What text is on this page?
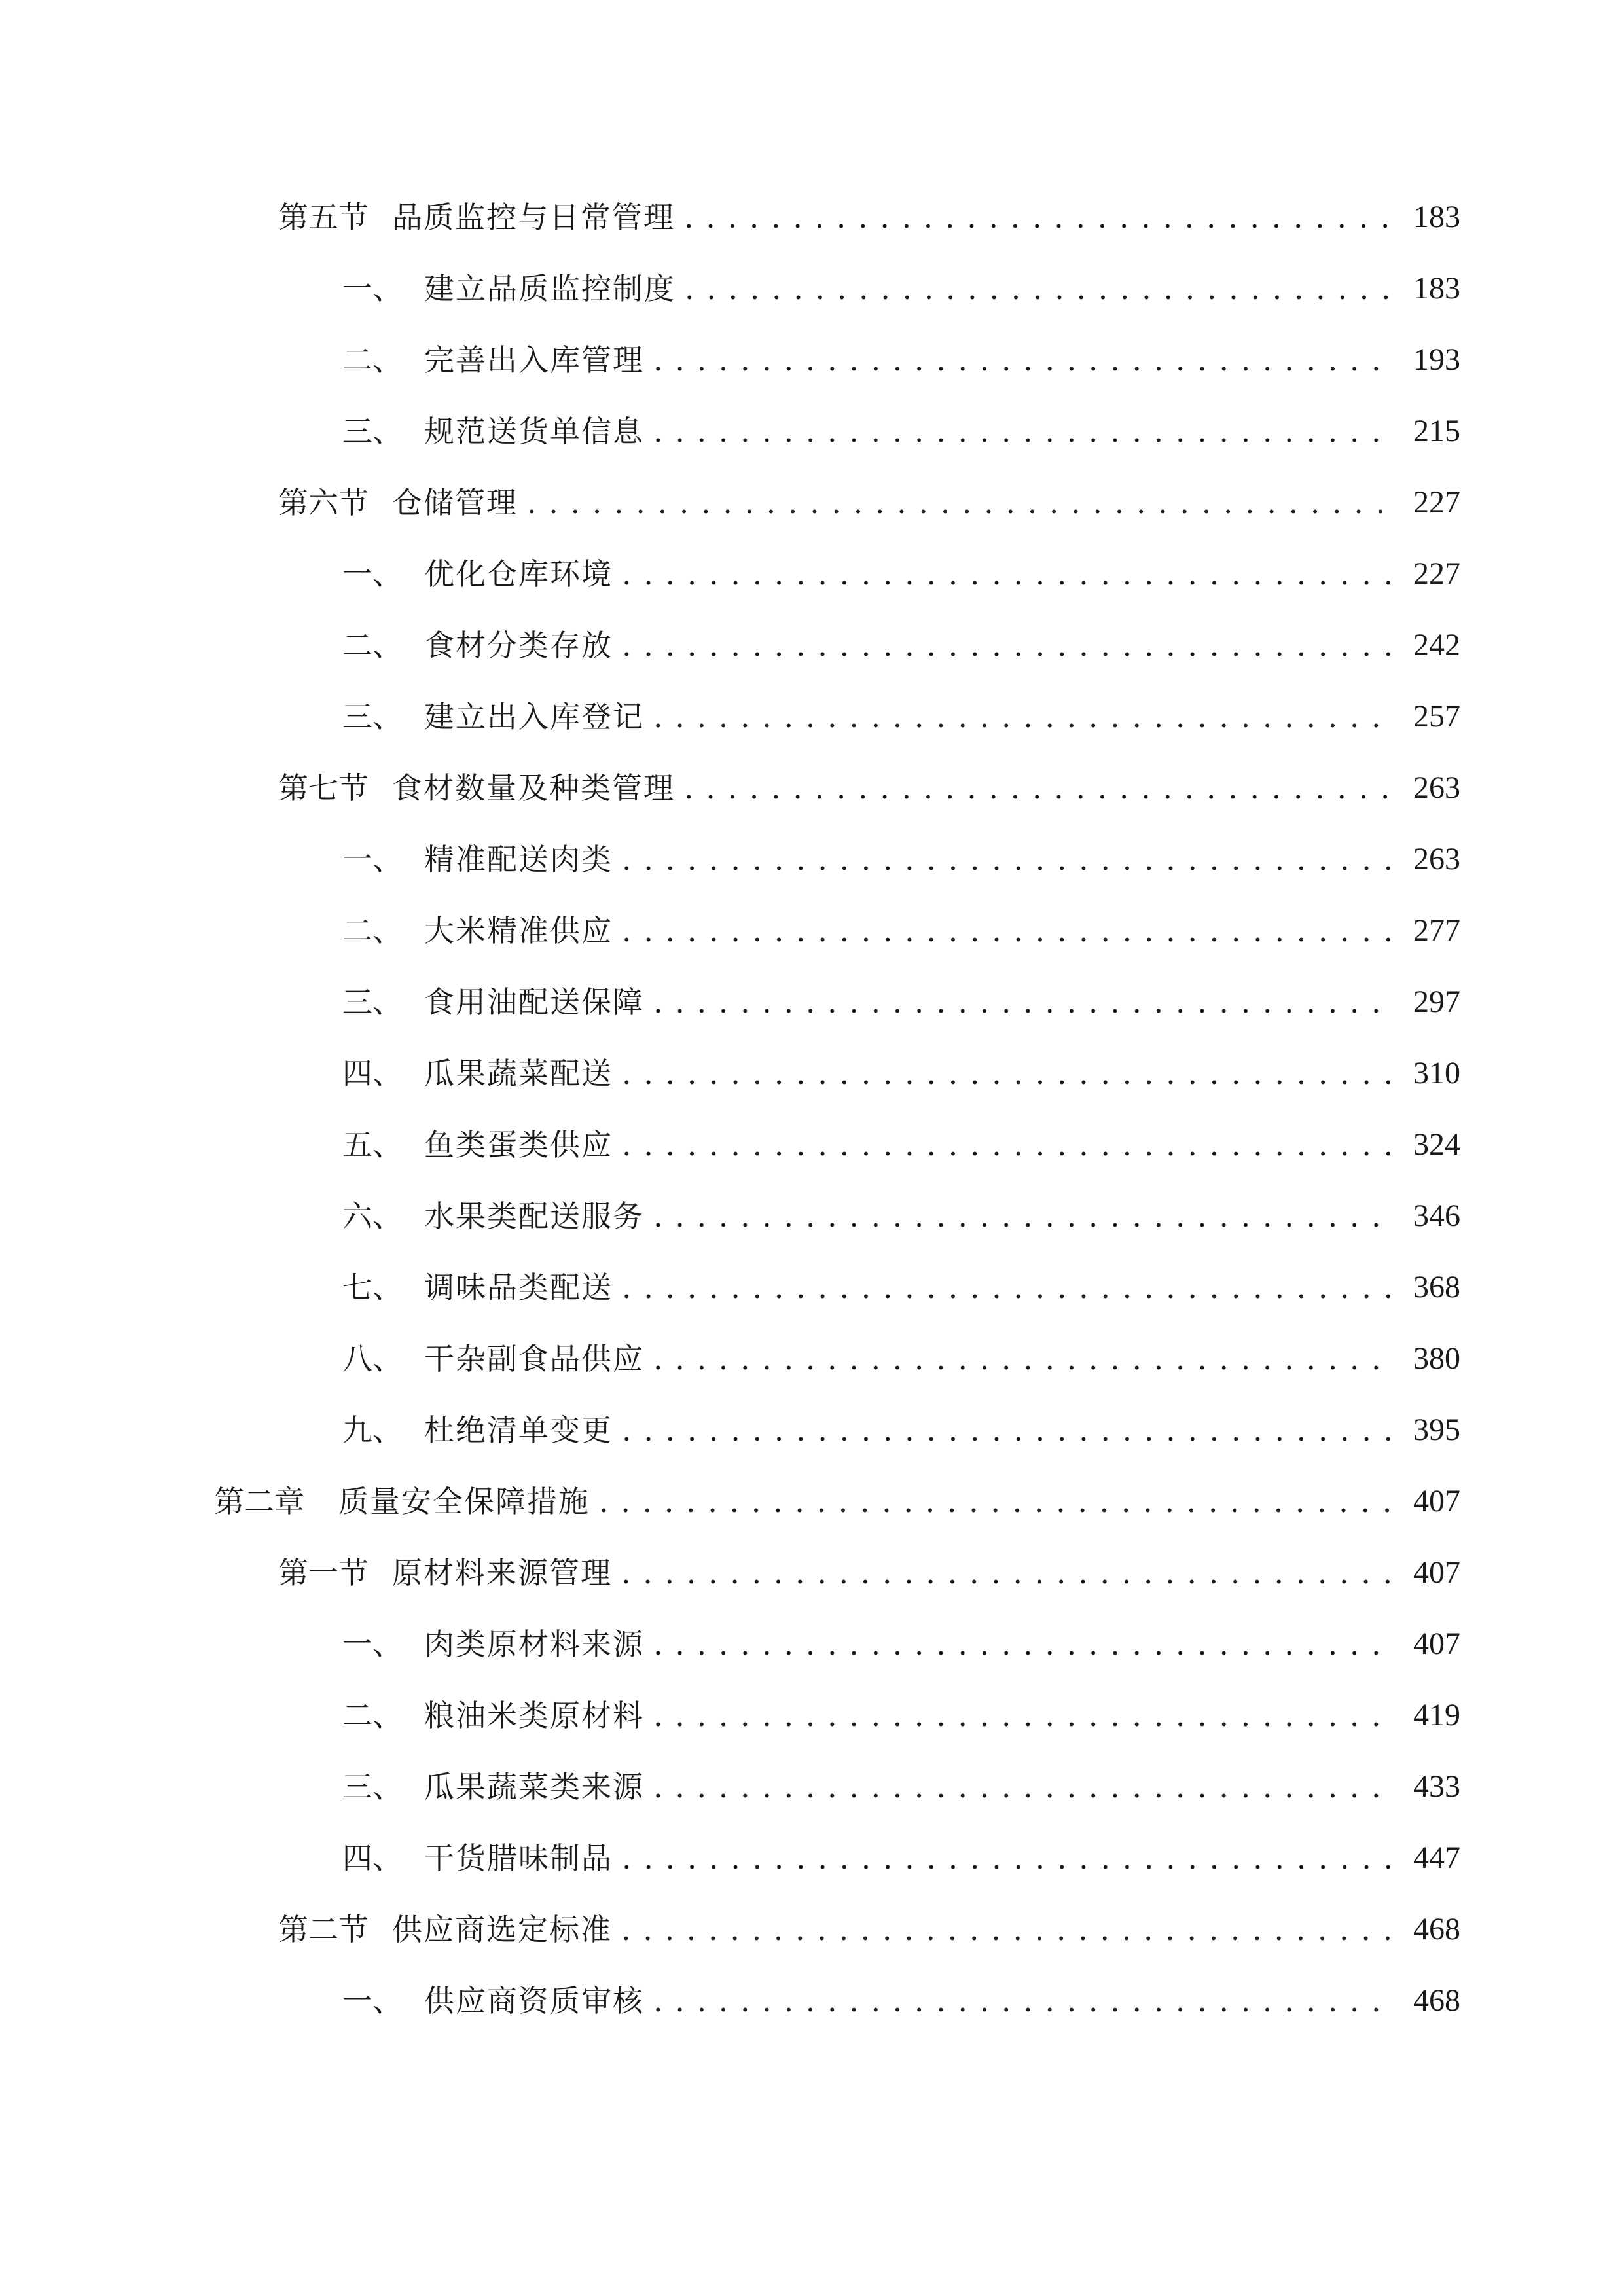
第五节 品质监控与日常管理 . . .	183
一、 建立品质监控制度 . . .	183
二、 完善出入库管理 . . .	193
三、 规范送货单信息 . . .	215
第六节 仓储管理 . . .	227
一、 优化仓库环境 . . .	227
二、 食材分类存放 . . .	242
三、 建立出入库登记 . . .	257
第七节 食材数量及种类管理 . . .	263
一、 精准配送肉类 . . .	263
二、 大米精准供应 . . .	277
三、 食用油配送保障 . . .	297
四、 瓜果蔬菜配送 . . .	310
五、 鱼类蛋类供应 . . .	324
六、 水果类配送服务 . . .	346
七、 调味品类配送 . . .	368
八、 干杂副食品供应 . . .	380
九、 杜绝清单变更 . . .	395
第二章	质量安全保障措施 . . .	407
第一节 原材料来源管理 . . .	407
一、 肉类原材料来源 . . .	407
二、 粮油米类原材料 . . .	419
三、 瓜果蔬菜类来源 . . .	433
四、 干货腊味制品 . . .	447
第二节 供应商选定标准 . . .	468
一、 供应商资质审核 . . .	468
